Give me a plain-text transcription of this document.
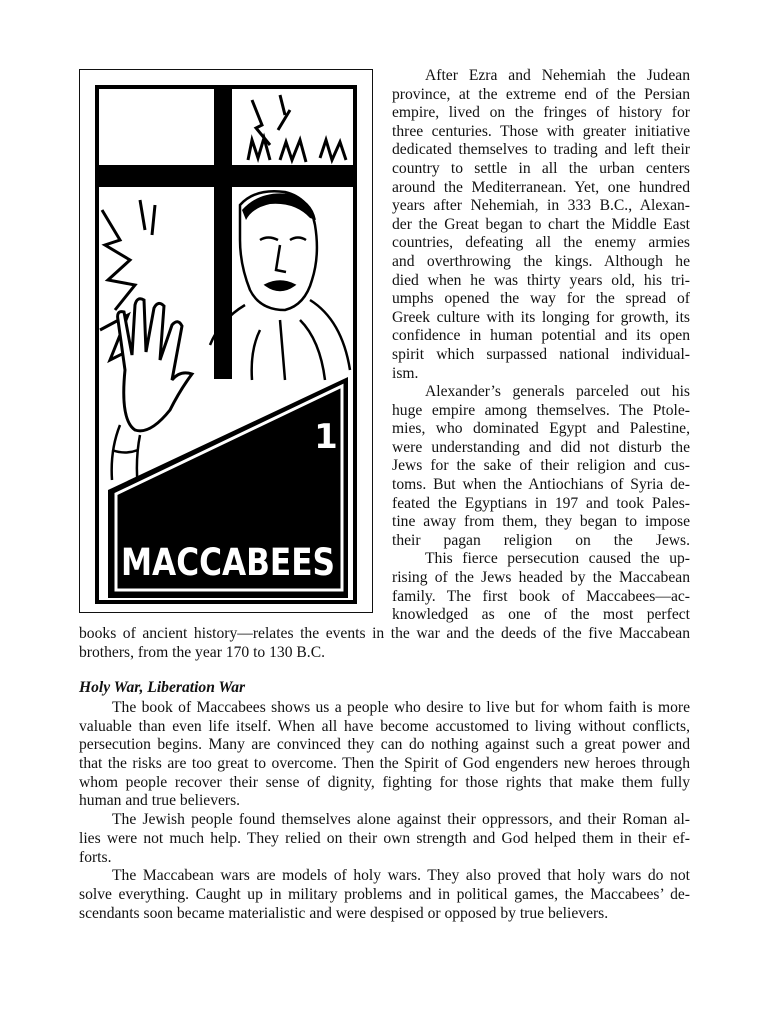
1
MACCABEES
After Ezra and Nehemiah the Judean
province, at the extreme end of the Persian
empire, lived on the fringes of history for
three centuries. Those with greater initiative
dedicated themselves to trading and left their
country to settle in all the urban centers
around the Mediterranean. Yet, one hundred
years after Nehemiah, in 333 B.C., Alexan-
der the Great began to chart the Middle East
countries, defeating all the enemy armies
and overthrowing the kings. Although he
died when he was thirty years old, his tri-
umphs opened the way for the spread of
Greek culture with its longing for growth, its
confidence in human potential and its open
spirit which surpassed national individual-
ism.
Alexander’s generals parceled out his
huge empire among themselves. The Ptole-
mies, who dominated Egypt and Palestine,
were understanding and did not disturb the
Jews for the sake of their religion and cus-
toms. But when the Antiochians of Syria de-
feated the Egyptians in 197 and took Pales-
tine away from them, they began to impose
their pagan religion on the Jews.
This fierce persecution caused the up-
rising of the Jews headed by the Maccabean
family. The first book of Maccabees—ac-
knowledged as one of the most perfect
books of ancient history—relates the events in the war and the deeds of the five Maccabean
brothers, from the year 170 to 130 B.C.
Holy War, Liberation War
The book of Maccabees shows us a people who desire to live but for whom faith is more
valuable than even life itself. When all have become accustomed to living without conflicts,
persecution begins. Many are convinced they can do nothing against such a great power and
that the risks are too great to overcome. Then the Spirit of God engenders new heroes through
whom people recover their sense of dignity, fighting for those rights that make them fully
human and true believers.
The Jewish people found themselves alone against their oppressors, and their Roman al-
lies were not much help. They relied on their own strength and God helped them in their ef-
forts.
The Maccabean wars are models of holy wars. They also proved that holy wars do not
solve everything. Caught up in military problems and in political games, the Maccabees’ de-
scendants soon became materialistic and were despised or opposed by true believers.
